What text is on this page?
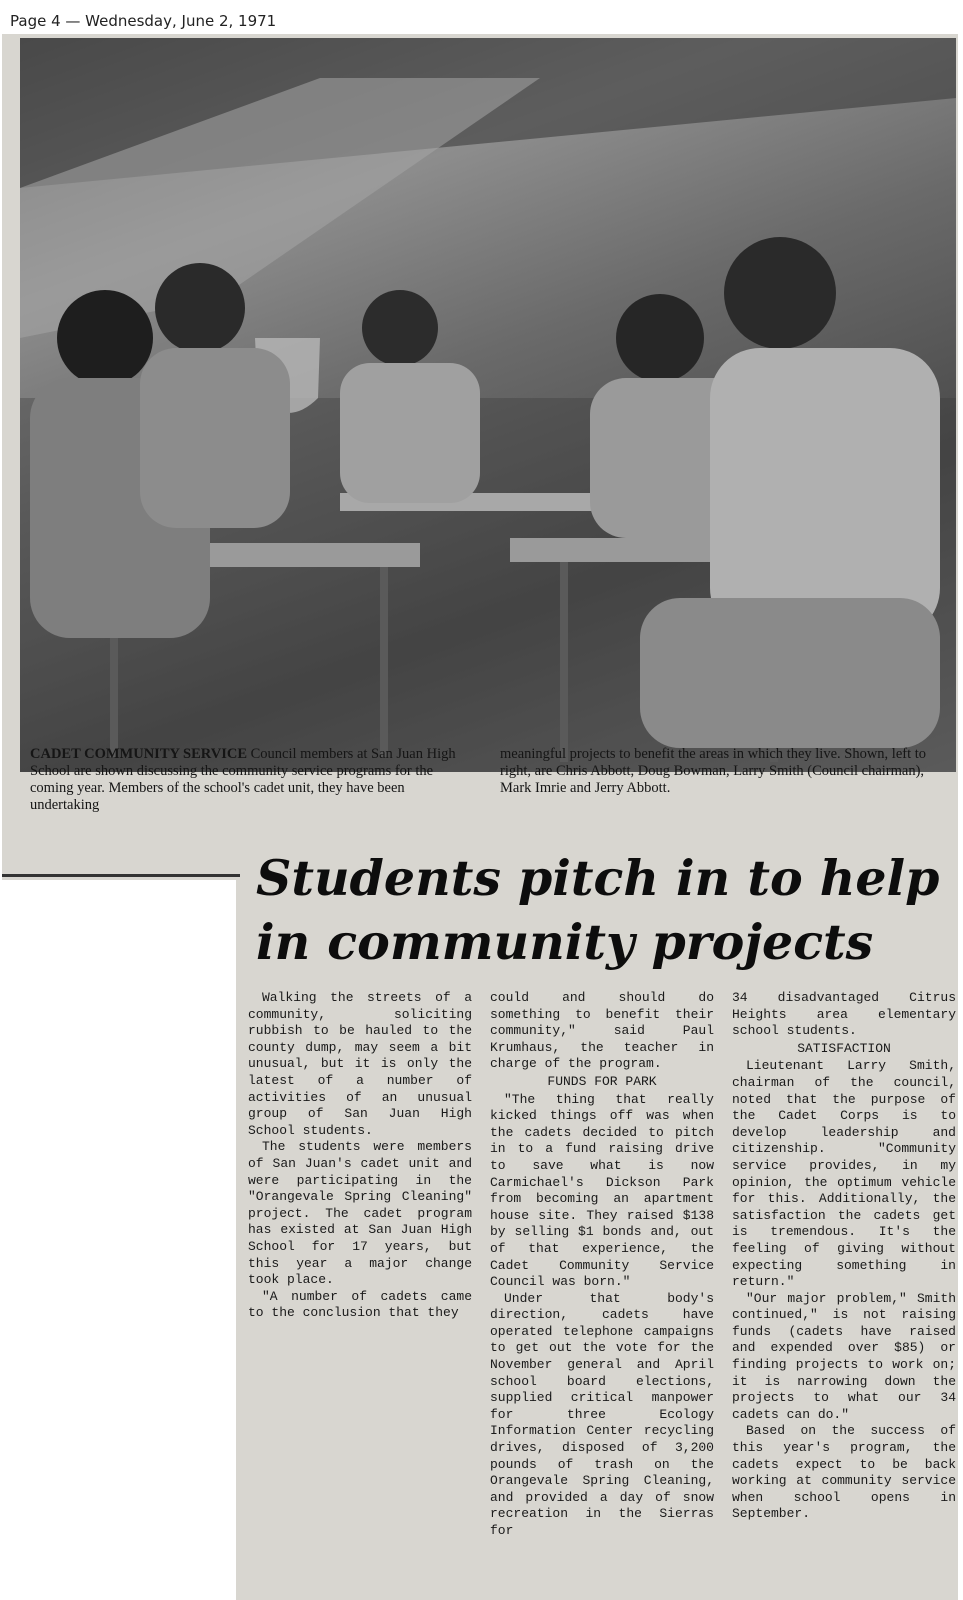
Page 4 — Wednesday, June 2, 1971
CADET COMMUNITY SERVICE Council members at San Juan High School are shown discussing the community service programs for the coming year. Members of the school's cadet unit, they have been undertaking
meaningful projects to benefit the areas in which they live. Shown, left to right, are Chris Abbott, Doug Bowman, Larry Smith (Council chairman), Mark Imrie and Jerry Abbott.
Students pitch in to help in community projects

Walking the streets of a community, soliciting rubbish to be hauled to the county dump, may seem a bit unusual, but it is only the latest of a number of activities of an unusual group of San Juan High School students.

The students were members of San Juan's cadet unit and were participating in the "Orangevale Spring Cleaning" project. The cadet program has existed at San Juan High School for 17 years, but this year a major change took place.

"A number of cadets came to the conclusion that they

could and should do something to benefit their community," said Paul Krumhaus, the teacher in charge of the program.

FUNDS FOR PARK

"The thing that really kicked things off was when the cadets decided to pitch in to a fund raising drive to save what is now Carmichael's Dickson Park from becoming an apartment house site. They raised $138 by selling $1 bonds and, out of that experience, the Cadet Community Service Council was born."

Under that body's direction, cadets have operated telephone campaigns to get out the vote for the November general and April school board elections, supplied critical manpower for three Ecology Information Center recycling drives, disposed of 3,200 pounds of trash on the Orangevale Spring Cleaning, and provided a day of snow recreation in the Sierras for

34 disadvantaged Citrus Heights area elementary school students.

SATISFACTION

Lieutenant Larry Smith, chairman of the council, noted that the purpose of the Cadet Corps is to develop leadership and citizenship. "Community service provides, in my opinion, the optimum vehicle for this. Additionally, the satisfaction the cadets get is tremendous. It's the feeling of giving without expecting something in return."

"Our major problem," Smith continued," is not raising funds (cadets have raised and expended over $85) or finding projects to work on; it is narrowing down the projects to what our 34 cadets can do."

Based on the success of this year's program, the cadets expect to be back working at community service when school opens in September.
